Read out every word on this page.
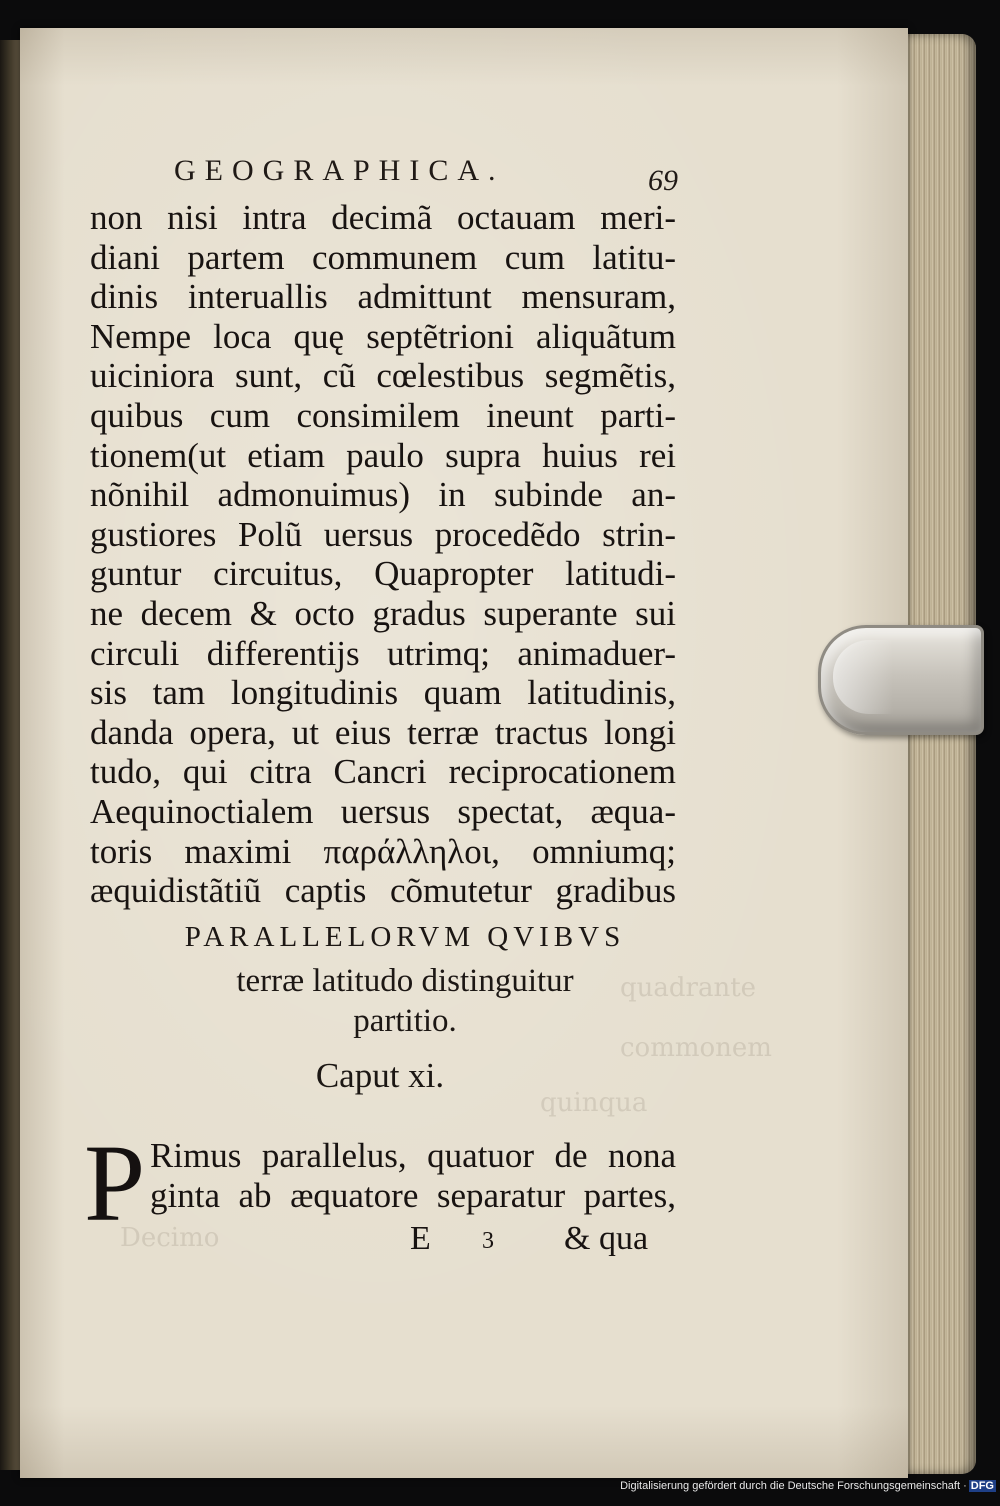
quadrante
commonem
quinqua
Decimo
GEOGRAPHICA.	69
non nisi intra decimã octauam meri-
diani partem communem cum latitu-
dinis interuallis admittunt mensuram,
Nempe loca quę septẽtrioni aliquãtum
uiciniora sunt, cũ cœlestibus segmẽtis,
quibus cum consimilem ineunt parti-
tionem(ut etiam paulo supra huius rei
nõnihil admonuimus) in subinde an-
gustiores Polũ uersus procedẽdo strin-
guntur circuitus, Quapropter latitudi-
ne decem & octo gradus superante sui
circuli differentijs utrimq; animaduer-
sis tam longitudinis quam latitudinis,
danda opera, ut eius terræ tractus longi
tudo, qui citra Cancri reciprocationem
Aequinoctialem uersus spectat, æqua-
toris maximi παράλληλοι, omniumq;
æquidistãtiũ captis cõmutetur gradibus
PARALLELORVM QVIBVS
terræ latitudo distinguitur
partitio.
Caput xi.
P Rimus parallelus, quatuor de nona
ginta ab æquatore separatur partes,
E 3 & qua
Digitalisierung gefördert durch die Deutsche Forschungsgemeinschaft · DFG
